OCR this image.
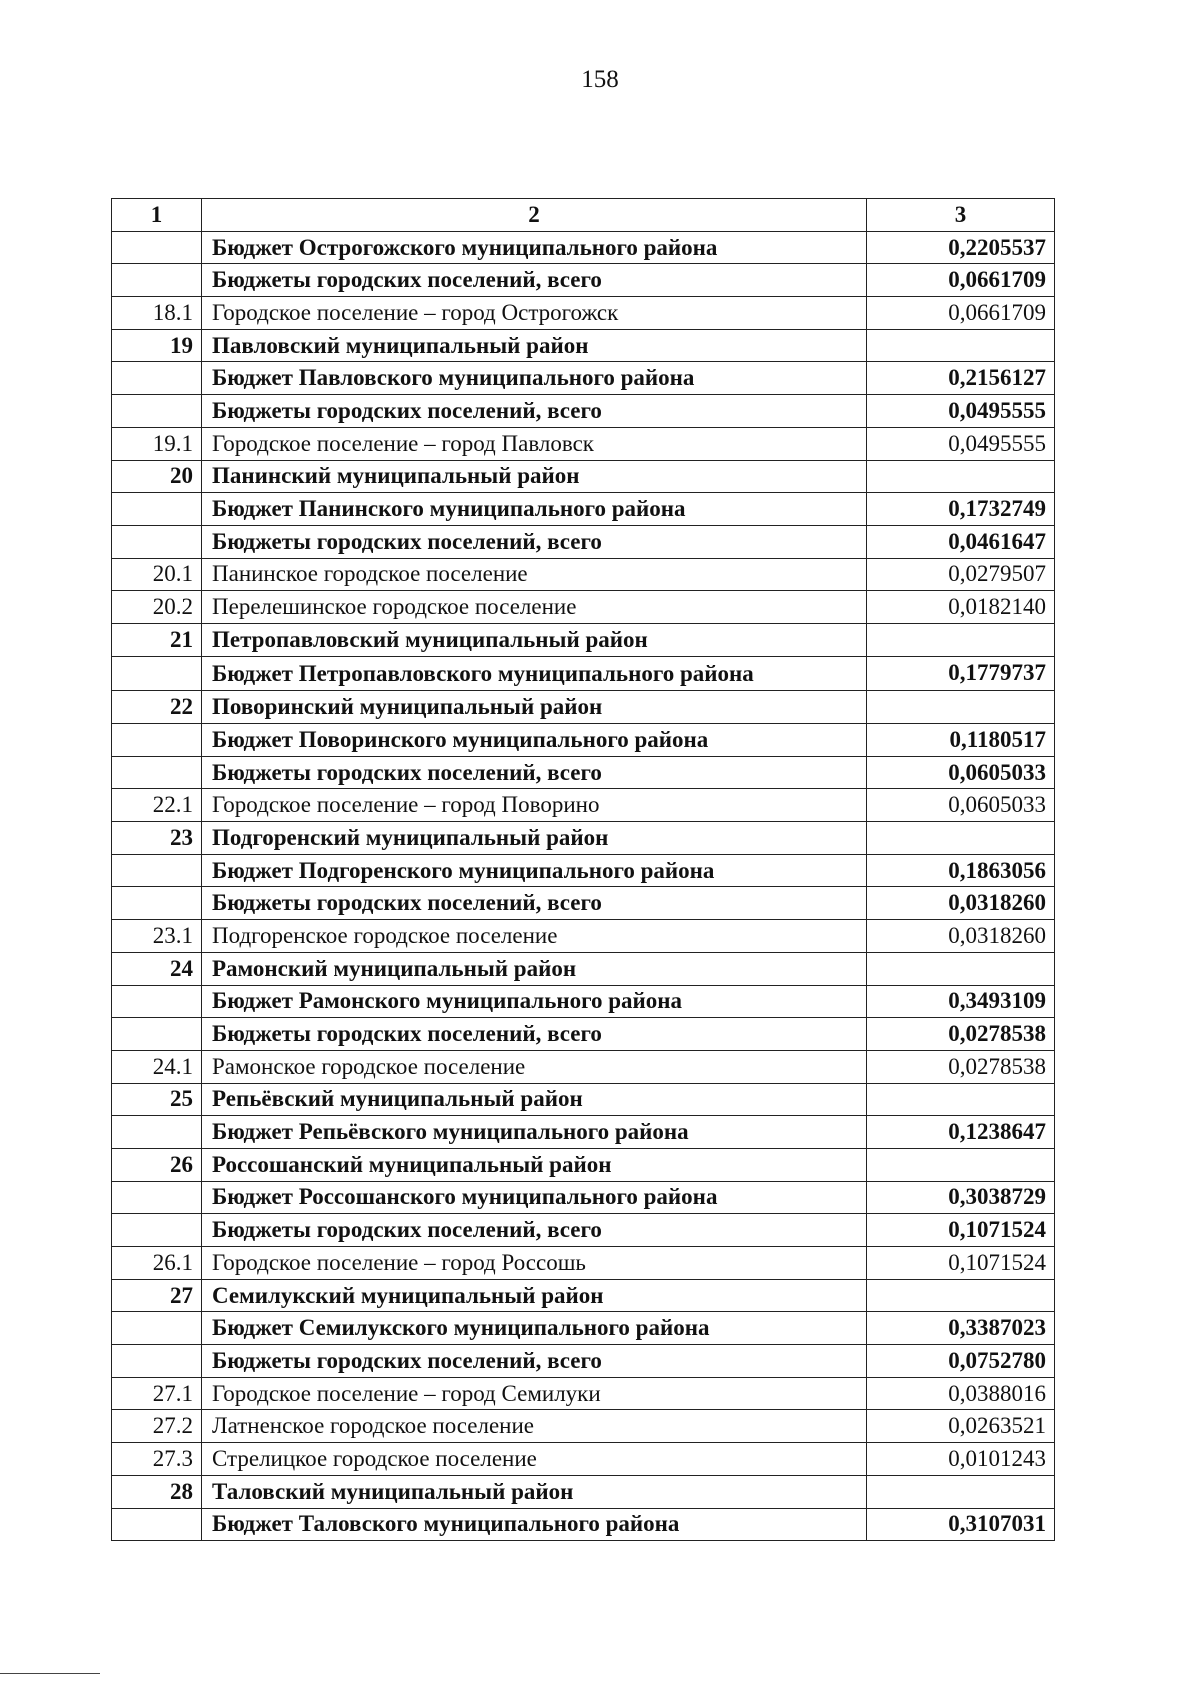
158
1	2	3
	Бюджет Острогожского муниципального района	0,2205537
	Бюджеты городских поселений, всего	0,0661709
18.1	Городское поселение – город Острогожск	0,0661709
19	Павловский муниципальный район	
	Бюджет Павловского муниципального района	0,2156127
	Бюджеты городских поселений, всего	0,0495555
19.1	Городское поселение – город Павловск	0,0495555
20	Панинский муниципальный район	
	Бюджет Панинского муниципального района	0,1732749
	Бюджеты городских поселений, всего	0,0461647
20.1	Панинское городское поселение	0,0279507
20.2	Перелешинское городское поселение	0,0182140
21	Петропавловский муниципальный район	
	Бюджет Петропавловского муниципального района	0,1779737
22	Поворинский муниципальный район	
	Бюджет Поворинского муниципального района	0,1180517
	Бюджеты городских поселений, всего	0,0605033
22.1	Городское поселение – город Поворино	0,0605033
23	Подгоренский муниципальный район	
	Бюджет Подгоренского муниципального района	0,1863056
	Бюджеты городских поселений, всего	0,0318260
23.1	Подгоренское городское поселение	0,0318260
24	Рамонский муниципальный район	
	Бюджет Рамонского муниципального района	0,3493109
	Бюджеты городских поселений, всего	0,0278538
24.1	Рамонское городское поселение	0,0278538
25	Репьёвский муниципальный район	
	Бюджет Репьёвского муниципального района	0,1238647
26	Россошанский муниципальный район	
	Бюджет Россошанского муниципального района	0,3038729
	Бюджеты городских поселений, всего	0,1071524
26.1	Городское поселение – город Россошь	0,1071524
27	Семилукский муниципальный район	
	Бюджет Семилукского муниципального района	0,3387023
	Бюджеты городских поселений, всего	0,0752780
27.1	Городское поселение – город Семилуки	0,0388016
27.2	Латненское городское поселение	0,0263521
27.3	Стрелицкое городское поселение	0,0101243
28	Таловский муниципальный район	
	Бюджет Таловского муниципального района	0,3107031
